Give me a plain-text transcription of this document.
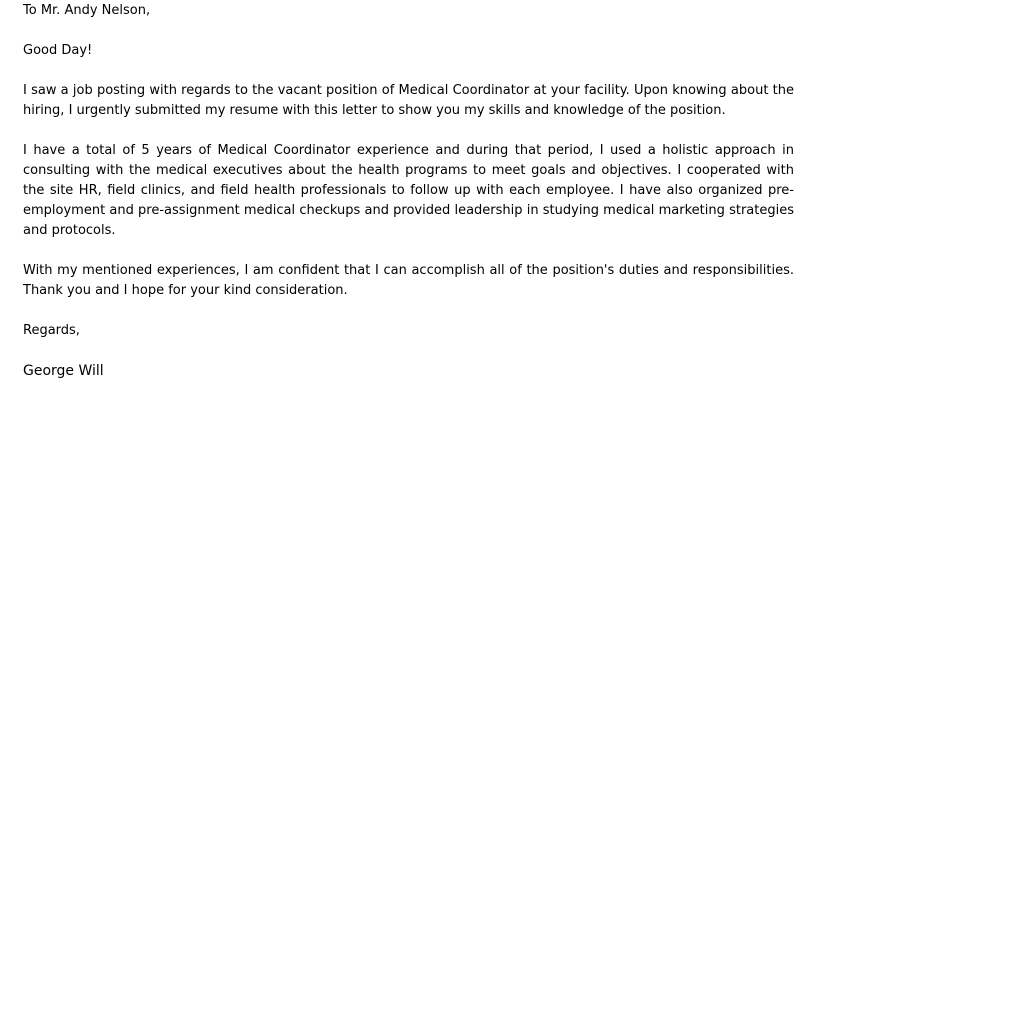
To Mr. Andy Nelson,

Good Day!

I saw a job posting with regards to the vacant position of Medical Coordinator at your facility. Upon knowing about the hiring, I urgently submitted my resume with this letter to show you my skills and knowledge of the position.

I have a total of 5 years of Medical Coordinator experience and during that period, I used a holistic approach in consulting with the medical executives about the health programs to meet goals and objectives. I cooperated with the site HR, field clinics, and field health professionals to follow up with each employee. I have also organized pre-employment and pre-assignment medical checkups and provided leadership in studying medical marketing strategies and protocols.

With my mentioned experiences, I am confident that I can accomplish all of the position's duties and responsibilities. Thank you and I hope for your kind consideration.

Regards,

George Will
